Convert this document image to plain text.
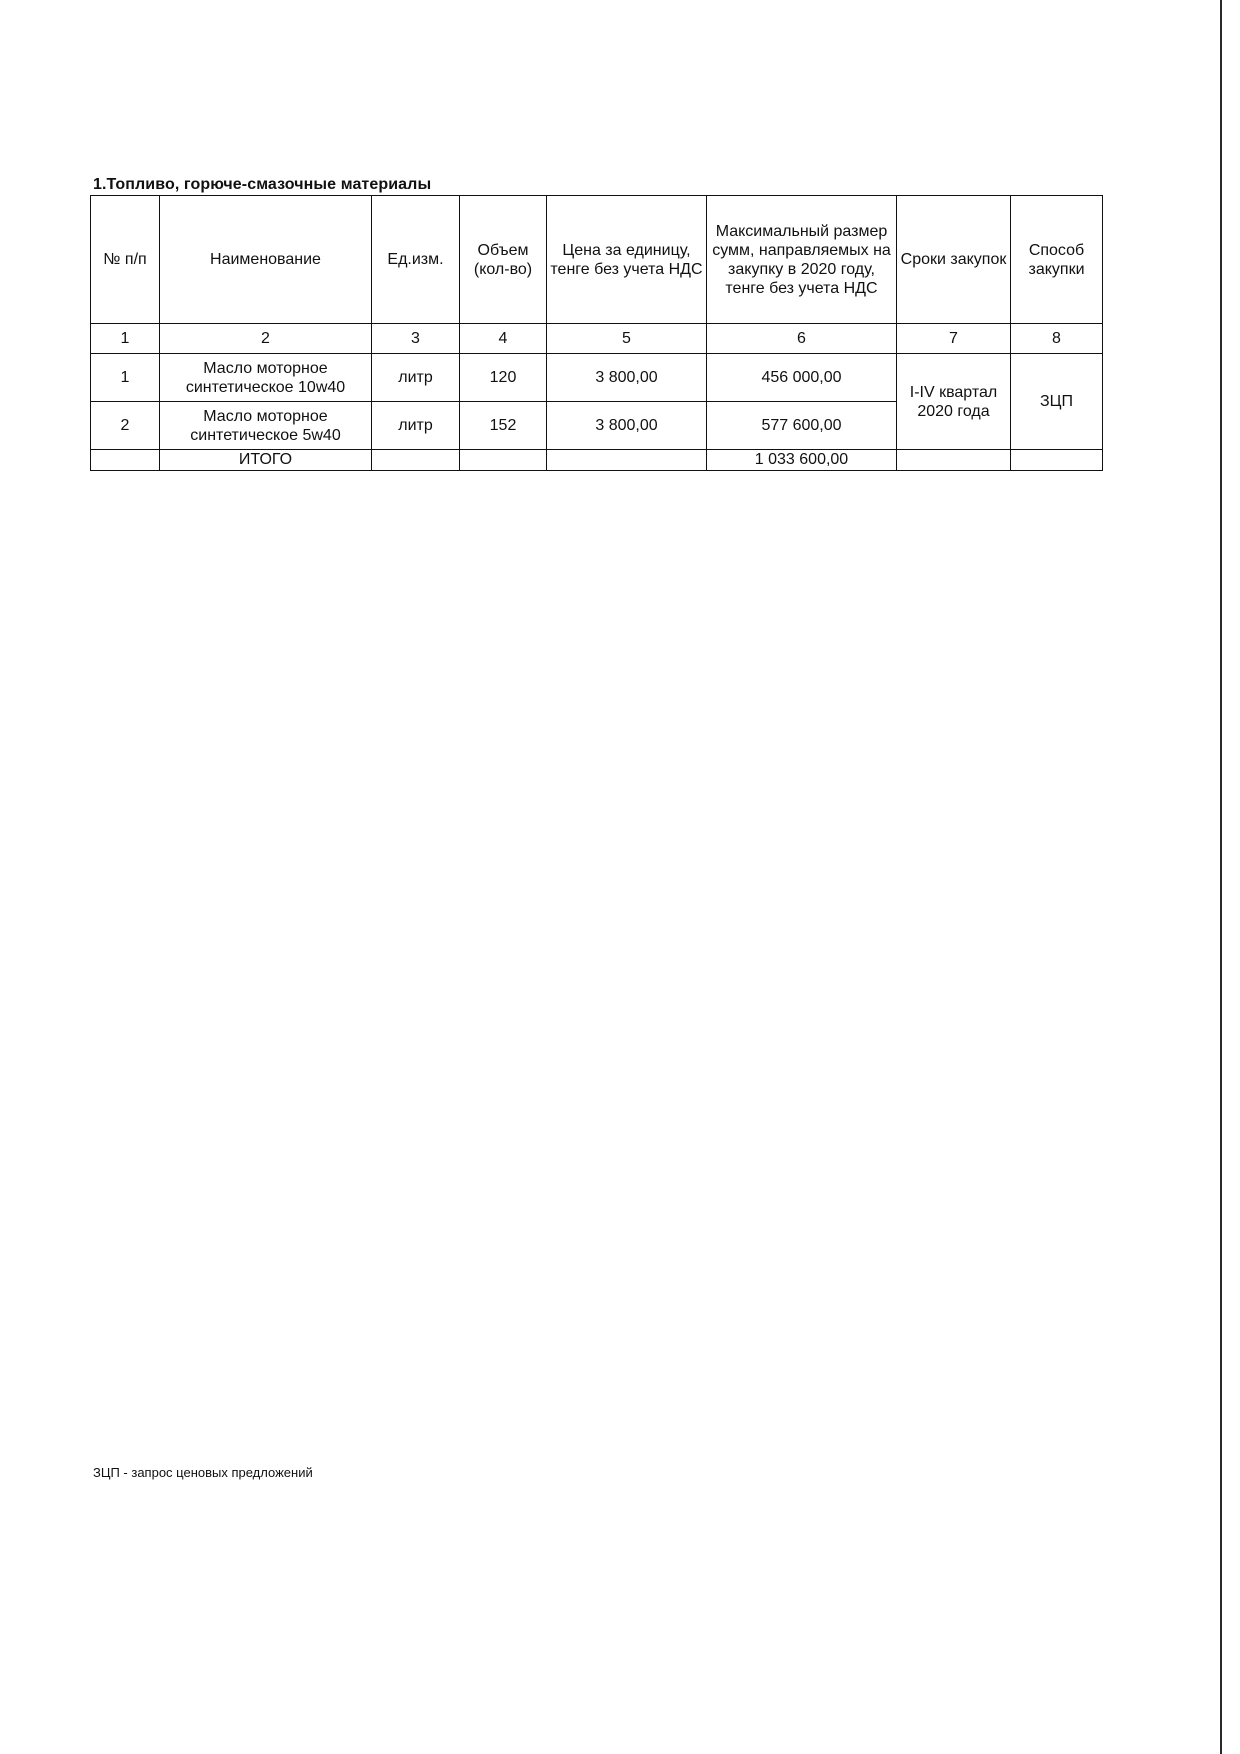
1.Топливо, горюче-смазочные материалы
№ п/п	Наименование	Ед.изм.	Объем (кол-во)	Цена за единицу, тенге без учета НДС	Максимальный размер сумм, направляемых на закупку в 2020 году, тенге без учета НДС	Сроки закупок	Способ закупки
1	2	3	4	5	6	7	8
1	Масло моторное синтетическое 10w40	литр	120	3 800,00	456 000,00	I-IV квартал 2020 года	ЗЦП
2	Масло моторное синтетическое 5w40	литр	152	3 800,00	577 600,00		
	ИТОГО				1 033 600,00		
ЗЦП - запрос ценовых предложений
